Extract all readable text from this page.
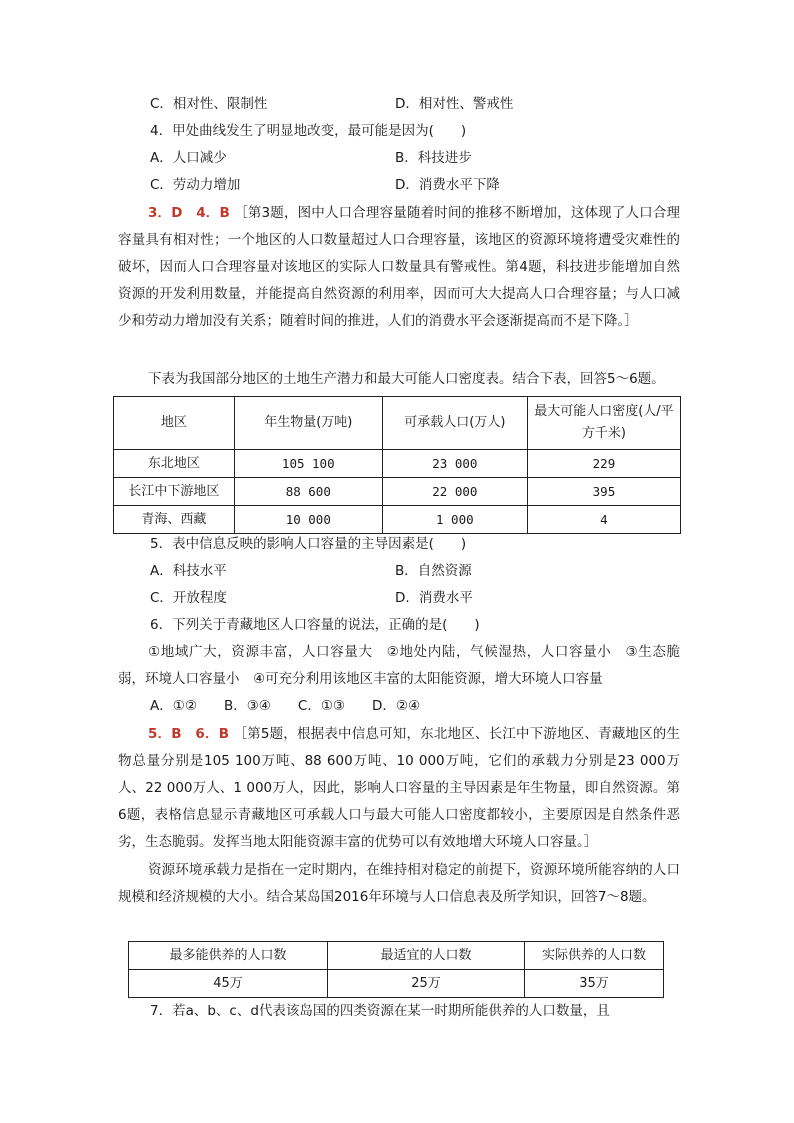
C．相对性、限制性	D．相对性、警戒性
4．甲处曲线发生了明显地改变，最可能是因为(　　)
A．人口减少	B．科技进步
C．劳动力增加	D．消费水平下降
3．D　4．B ［第3题，图中人口合理容量随着时间的推移不断增加，这体现了人口合理容量具有相对性；一个地区的人口数量超过人口合理容量，该地区的资源环境将遭受灾难性的破坏，因而人口合理容量对该地区的实际人口数量具有警戒性。第4题，科技进步能增加自然资源的开发利用数量，并能提高自然资源的利用率，因而可大大提高人口合理容量；与人口减少和劳动力增加没有关系；随着时间的推进，人们的消费水平会逐渐提高而不是下降。］
下表为我国部分地区的土地生产潜力和最大可能人口密度表。结合下表，回答5～6题。
地区	年生物量(万吨)	可承载人口(万人)	最大可能人口密度(人/平方千米)
东北地区	105 100	23 000	229
长江中下游地区	88 600	22 000	395
青海、西藏	10 000	1 000	4
5．表中信息反映的影响人口容量的主导因素是(　　)
A．科技水平	B．自然资源
C．开放程度	D．消费水平
6．下列关于青藏地区人口容量的说法，正确的是(　　)
①地域广大，资源丰富，人口容量大　②地处内陆，气候湿热，人口容量小　③生态脆弱，环境人口容量小　④可充分利用该地区丰富的太阳能资源，增大环境人口容量
A．①②　　B．③④　　C．①③　　D．②④
5．B　6．B ［第5题，根据表中信息可知，东北地区、长江中下游地区、青藏地区的生物总量分别是105 100万吨、88 600万吨、10 000万吨，它们的承载力分别是23 000万人、22 000万人、1 000万人，因此，影响人口容量的主导因素是年生物量，即自然资源。第6题，表格信息显示青藏地区可承载人口与最大可能人口密度都较小，主要原因是自然条件恶劣，生态脆弱。发挥当地太阳能资源丰富的优势可以有效地增大环境人口容量。］
资源环境承载力是指在一定时期内，在维持相对稳定的前提下，资源环境所能容纳的人口规模和经济规模的大小。结合某岛国2016年环境与人口信息表及所学知识，回答7～8题。
最多能供养的人口数	最适宜的人口数	实际供养的人口数
45万	25万	35万
7．若a、b、c、d代表该岛国的四类资源在某一时期所能供养的人口数量，且
